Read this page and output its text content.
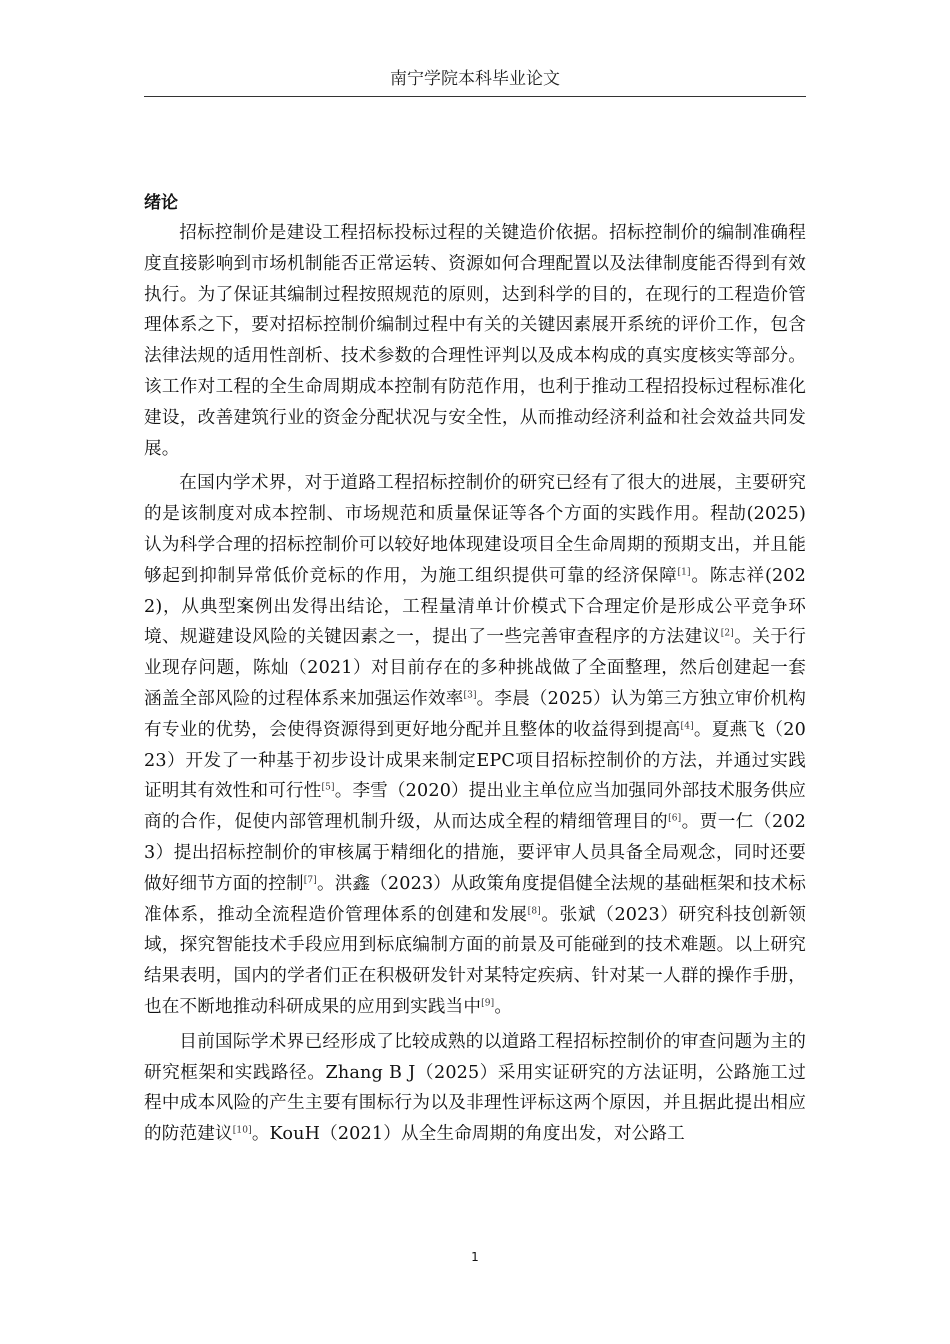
南宁学院本科毕业论文
绪论

招标控制价是建设工程招标投标过程的关键造价依据。招标控制价的编制准确程度直接影响到市场机制能否正常运转、资源如何合理配置以及法律制度能否得到有效执行。为了保证其编制过程按照规范的原则，达到科学的目的，在现行的工程造价管理体系之下，要对招标控制价编制过程中有关的关键因素展开系统的评价工作，包含法律法规的适用性剖析、技术参数的合理性评判以及成本构成的真实度核实等部分。该工作对工程的全生命周期成本控制有防范作用，也利于推动工程招投标过程标准化建设，改善建筑行业的资金分配状况与安全性，从而推动经济利益和社会效益共同发展。

在国内学术界，对于道路工程招标控制价的研究已经有了很大的进展，主要研究的是该制度对成本控制、市场规范和质量保证等各个方面的实践作用。程劼(2025)认为科学合理的招标控制价可以较好地体现建设项目全生命周期的预期支出，并且能够起到抑制异常低价竞标的作用，为施工组织提供可靠的经济保障[1]。陈志祥(2022)，从典型案例出发得出结论，工程量清单计价模式下合理定价是形成公平竞争环境、规避建设风险的关键因素之一，提出了一些完善审查程序的方法建议[2]。关于行业现存问题，陈灿（2021）对目前存在的多种挑战做了全面整理，然后创建起一套涵盖全部风险的过程体系来加强运作效率[3]。李晨（2025）认为第三方独立审价机构有专业的优势，会使得资源得到更好地分配并且整体的收益得到提高[4]。夏燕飞（2023）开发了一种基于初步设计成果来制定EPC项目招标控制价的方法，并通过实践证明其有效性和可行性[5]。李雪（2020）提出业主单位应当加强同外部技术服务供应商的合作，促使内部管理机制升级，从而达成全程的精细管理目的[6]。贾一仁（2023）提出招标控制价的审核属于精细化的措施，要评审人员具备全局观念，同时还要做好细节方面的控制[7]。洪鑫（2023）从政策角度提倡健全法规的基础框架和技术标准体系，推动全流程造价管理体系的创建和发展[8]。张斌（2023）研究科技创新领域，探究智能技术手段应用到标底编制方面的前景及可能碰到的技术难题。以上研究结果表明，国内的学者们正在积极研发针对某特定疾病、针对某一人群的操作手册，也在不断地推动科研成果的应用到实践当中[9]。

目前国际学术界已经形成了比较成熟的以道路工程招标控制价的审查问题为主的研究框架和实践路径。Zhang B J（2025）采用实证研究的方法证明，公路施工过程中成本风险的产生主要有围标行为以及非理性评标这两个原因，并且据此提出相应的防范建议[10]。KouH（2021）从全生命周期的角度出发，对公路工

1
